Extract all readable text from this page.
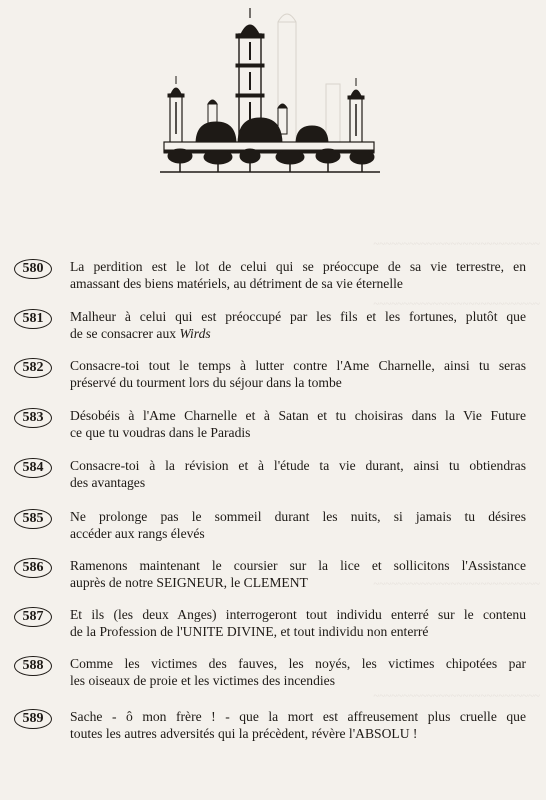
~~~~~~~~~~~~~~~~~~~~~~~~~~~~
~~~~~~~~~~~~~~~~~~~~~~~~~~~~
~~~~~~~~~~~~~~~~~~~~~~~~~~~~
~~~~~~~~~~~~~~~~~~~~~~~~~~~~
580	La perdition est le lot de celui qui se préoccupe de sa vie terrestre, en
amassant des biens matériels, au détriment de sa vie éternelle
581	Malheur à celui qui est préoccupé par les fils et les fortunes, plutôt que
de se consacrer aux Wirds
582	Consacre-toi tout le temps à lutter contre l'Ame Charnelle, ainsi tu seras
préservé du tourment lors du séjour dans la tombe
583	Désobéis à l'Ame Charnelle et à Satan et tu choisiras dans la Vie Future
ce que tu voudras dans le Paradis
584	Consacre-toi à la révision et à l'étude ta vie durant, ainsi tu obtiendras
des avantages
585	Ne prolonge pas le sommeil durant les nuits, si jamais tu désires
accéder aux rangs élevés
586	Ramenons maintenant le coursier sur la lice et sollicitons l'Assistance
auprès de notre SEIGNEUR, le CLEMENT
587	Et ils (les deux Anges) interrogeront tout individu enterré sur le contenu
de la Profession de l'UNITE DIVINE, et tout individu non enterré
588	Comme les victimes des fauves, les noyés, les victimes chipotées par
les oiseaux de proie et les victimes des incendies
589	Sache - ô mon frère ! - que la mort est affreusement plus cruelle que
toutes les autres adversités qui la précèdent, révère l'ABSOLU !
